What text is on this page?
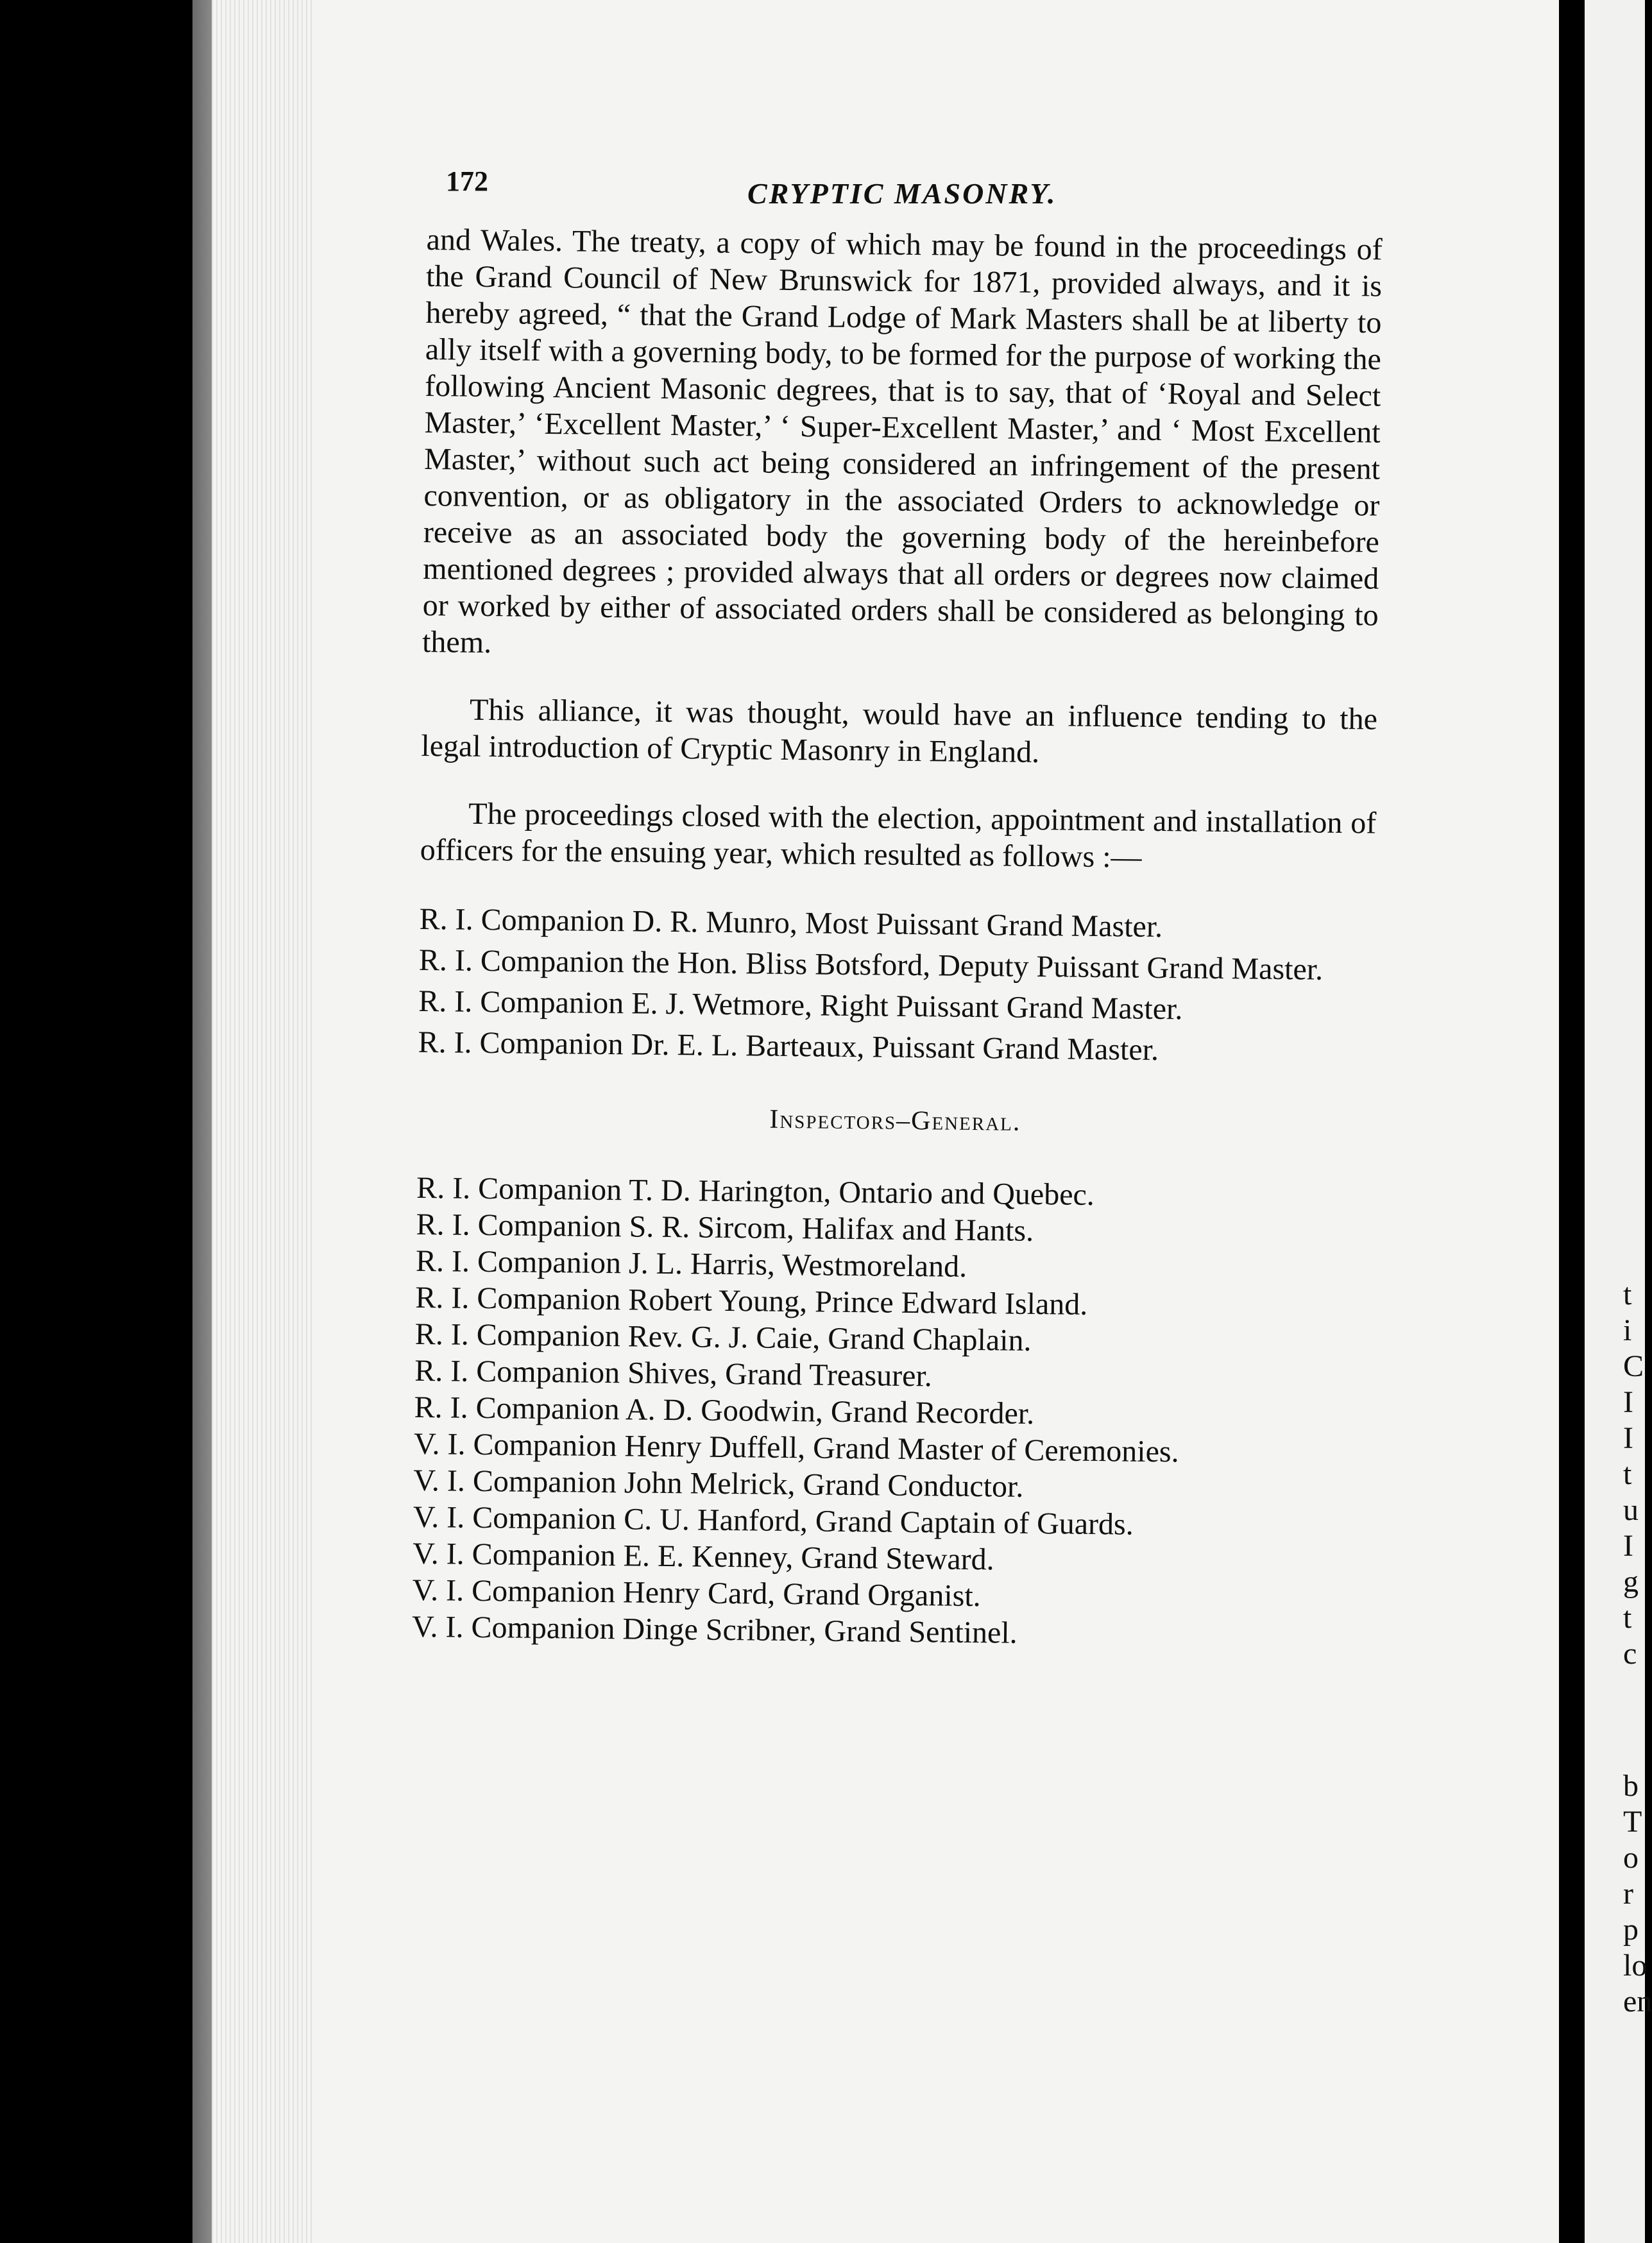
t
i
C
I
I
t
u
I
g
t
c
b
T
o
r
p
lo
en
172	CRYPTIC MASONRY.

and Wales. The treaty, a copy of which may be found in the proceedings of the Grand Council of New Brunswick for 1871, provided always, and it is hereby agreed, “ that the Grand Lodge of Mark Masters shall be at liberty to ally itself with a governing body, to be formed for the purpose of working the following Ancient Masonic degrees, that is to say, that of ‘Royal and Select Master,’ ‘Excellent Master,’ ‘ Super-Excellent Master,’ and ‘ Most Excellent Master,’ without such act being considered an infringement of the present convention, or as obligatory in the associated Orders to acknowledge or receive as an associated body the governing body of the hereinbefore mentioned degrees ; provided always that all orders or degrees now claimed or worked by either of associated orders shall be considered as belonging to them.

This alliance, it was thought, would have an influence tending to the legal introduction of Cryptic Masonry in England.

The proceedings closed with the election, appointment and installation of officers for the ensuing year, which resulted as follows :—

R. I. Companion D. R. Munro, Most Puissant Grand Master.
R. I. Companion the Hon. Bliss Botsford, Deputy Puissant Grand Master.
R. I. Companion E. J. Wetmore, Right Puissant Grand Master.
R. I. Companion Dr. E. L. Barteaux, Puissant Grand Master.
Inspectors–General.
R. I. Companion T. D. Harington, Ontario and Quebec.
R. I. Companion S. R. Sircom, Halifax and Hants.
R. I. Companion J. L. Harris, Westmoreland.
R. I. Companion Robert Young, Prince Edward Island.
R. I. Companion Rev. G. J. Caie, Grand Chaplain.
R. I. Companion Shives, Grand Treasurer.
R. I. Companion A. D. Goodwin, Grand Recorder.
V. I. Companion Henry Duffell, Grand Master of Ceremonies.
V. I. Companion John Melrick, Grand Conductor.
V. I. Companion C. U. Hanford, Grand Captain of Guards.
V. I. Companion E. E. Kenney, Grand Steward.
V. I. Companion Henry Card, Grand Organist.
V. I. Companion Dinge Scribner, Grand Sentinel.
